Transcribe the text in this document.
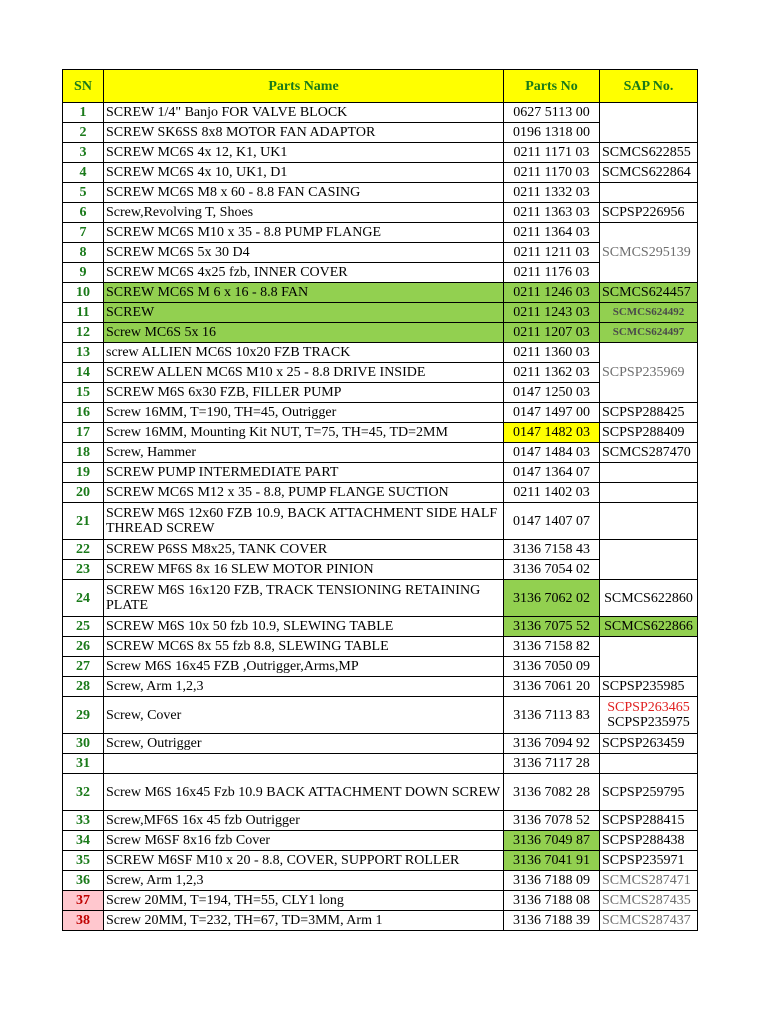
SN	Parts Name	Parts No	SAP No.
1	SCREW 1/4" Banjo FOR VALVE BLOCK	0627 5113 00	
2	SCREW SK6SS 8x8 MOTOR FAN ADAPTOR	0196 1318 00	
3	SCREW MC6S 4x 12, K1, UK1	0211 1171 03	SCMCS622855
4	SCREW MC6S 4x 10, UK1, D1	0211 1170 03	SCMCS622864
5	SCREW MC6S M8 x 60 - 8.8 FAN CASING	0211 1332 03	
6	Screw,Revolving T, Shoes	0211 1363 03	SCPSP226956
7	SCREW MC6S M10 x 35 - 8.8 PUMP FLANGE	0211 1364 03	
8	SCREW MC6S 5x 30 D4	0211 1211 03	SCMCS295139
9	SCREW MC6S 4x25 fzb, INNER COVER	0211 1176 03	
10	SCREW MC6S M 6 x 16 - 8.8 FAN	0211 1246 03	SCMCS624457
11	SCREW	0211 1243 03	SCMCS624492
12	Screw MC6S 5x 16	0211 1207 03	SCMCS624497
13	screw ALLIEN MC6S 10x20 FZB TRACK	0211 1360 03	
14	SCREW ALLEN MC6S M10 x 25 - 8.8 DRIVE INSIDE	0211 1362 03	SCPSP235969
15	SCREW M6S 6x30 FZB, FILLER PUMP	0147 1250 03	
16	Screw 16MM, T=190, TH=45, Outrigger	0147 1497 00	SCPSP288425
17	Screw 16MM, Mounting Kit NUT, T=75, TH=45, TD=2MM	0147 1482 03	SCPSP288409
18	Screw, Hammer	0147 1484 03	SCMCS287470
19	SCREW PUMP INTERMEDIATE PART	0147 1364 07	
20	SCREW MC6S M12 x 35 - 8.8, PUMP FLANGE SUCTION	0211 1402 03	
21	SCREW M6S 12x60 FZB 10.9, BACK ATTACHMENT SIDE HALF THREAD SCREW	0147 1407 07	
22	SCREW P6SS M8x25, TANK COVER	3136 7158 43	
23	SCREW MF6S 8x 16 SLEW MOTOR PINION	3136 7054 02	
24	SCREW M6S 16x120 FZB, TRACK TENSIONING RETAINING PLATE	3136 7062 02	SCMCS622860
25	SCREW M6S 10x 50 fzb 10.9, SLEWING TABLE	3136 7075 52	SCMCS622866
26	SCREW MC6S 8x 55 fzb 8.8, SLEWING TABLE	3136 7158 82	
27	Screw M6S 16x45 FZB ,Outrigger,Arms,MP	3136 7050 09	
28	Screw, Arm 1,2,3	3136 7061 20	SCPSP235985
29	Screw, Cover	3136 7113 83	SCPSP263465
SCPSP235975

30	Screw, Outrigger	3136 7094 92	SCPSP263459
31		3136 7117 28	
32	Screw M6S 16x45 Fzb 10.9 BACK ATTACHMENT DOWN SCREW	3136 7082 28	SCPSP259795
33	Screw,MF6S 16x 45 fzb Outrigger	3136 7078 52	SCPSP288415
34	Screw M6SF 8x16 fzb Cover	3136 7049 87	SCPSP288438
35	SCREW M6SF M10 x 20 - 8.8, COVER, SUPPORT ROLLER	3136 7041 91	SCPSP235971
36	Screw, Arm 1,2,3	3136 7188 09	SCMCS287471
37	Screw 20MM, T=194, TH=55, CLY1 long	3136 7188 08	SCMCS287435
38	Screw 20MM, T=232, TH=67, TD=3MM, Arm 1	3136 7188 39	SCMCS287437
